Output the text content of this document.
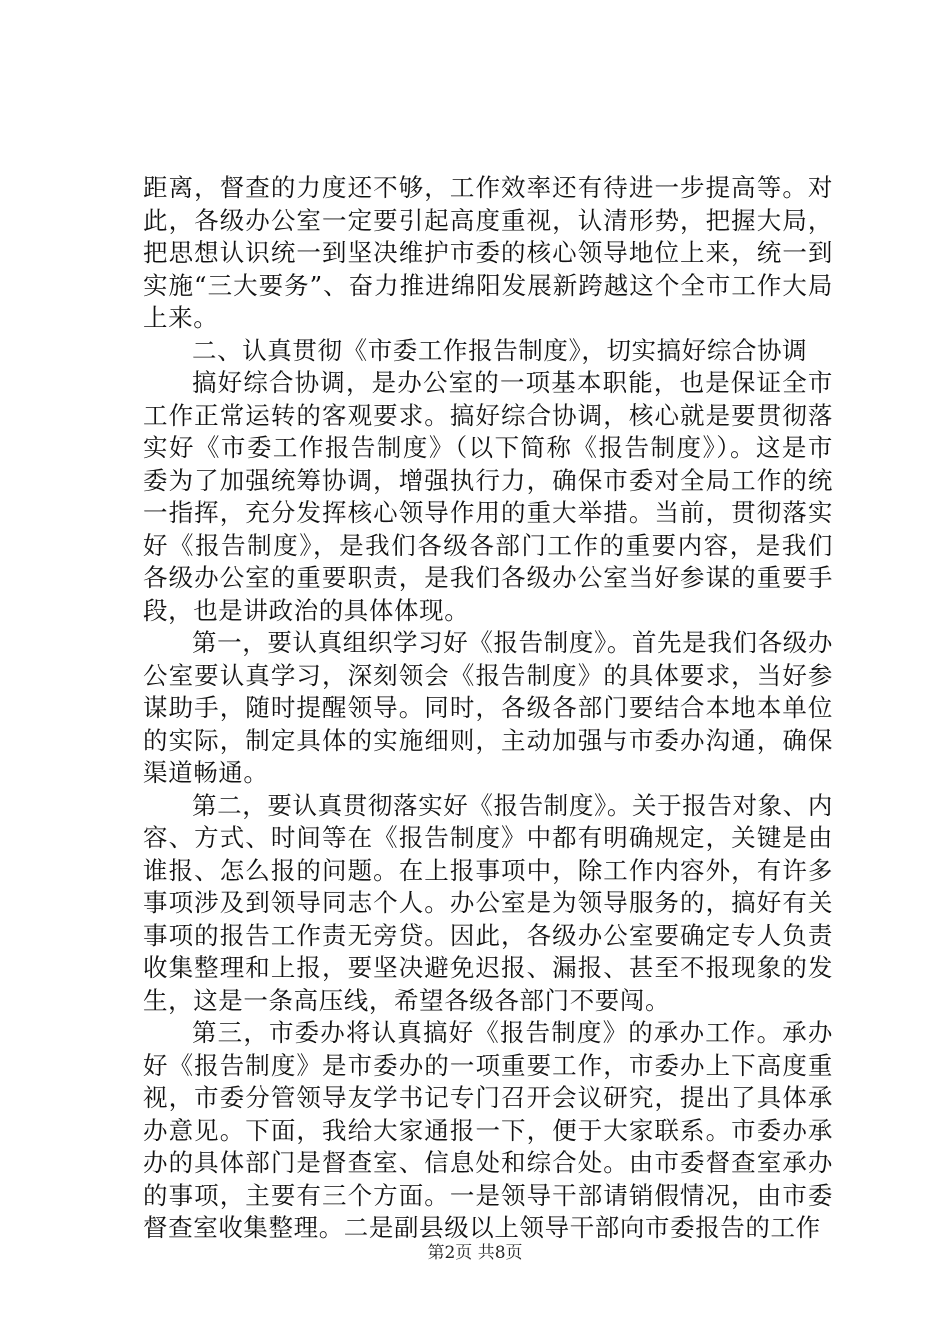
距离，督查的力度还不够，工作效率还有待进一步提高等。对此，各级办公室一定要引起高度重视，认清形势，把握大局，把思想认识统一到坚决维护市委的核心领导地位上来，统一到实施“三大要务”、奋力推进绵阳发展新跨越这个全市工作大局上来。

二、认真贯彻《市委工作报告制度》，切实搞好综合协调

搞好综合协调，是办公室的一项基本职能，也是保证全市工作正常运转的客观要求。搞好综合协调，核心就是要贯彻落实好《市委工作报告制度》（以下简称《报告制度》）。这是市委为了加强统筹协调，增强执行力，确保市委对全局工作的统一指挥，充分发挥核心领导作用的重大举措。当前，贯彻落实好《报告制度》，是我们各级各部门工作的重要内容，是我们各级办公室的重要职责，是我们各级办公室当好参谋的重要手段，也是讲政治的具体体现。

第一，要认真组织学习好《报告制度》。首先是我们各级办公室要认真学习，深刻领会《报告制度》的具体要求，当好参谋助手，随时提醒领导。同时，各级各部门要结合本地本单位的实际，制定具体的实施细则，主动加强与市委办沟通，确保渠道畅通。

第二，要认真贯彻落实好《报告制度》。关于报告对象、内容、方式、时间等在《报告制度》中都有明确规定，关键是由谁报、怎么报的问题。在上报事项中，除工作内容外，有许多事项涉及到领导同志个人。办公室是为领导服务的，搞好有关事项的报告工作责无旁贷。因此，各级办公室要确定专人负责收集整理和上报，要坚决避免迟报、漏报、甚至不报现象的发生，这是一条高压线，希望各级各部门不要闯。

第三，市委办将认真搞好《报告制度》的承办工作。承办好《报告制度》是市委办的一项重要工作，市委办上下高度重视，市委分管领导友学书记专门召开会议研究，提出了具体承办意见。下面，我给大家通报一下，便于大家联系。市委办承办的具体部门是督查室、信息处和综合处。由市委督查室承办的事项，主要有三个方面。一是领导干部请销假情况，由市委督查室收集整理。二是副县级以上领导干部向市委报告的工作

第2页 共8页
